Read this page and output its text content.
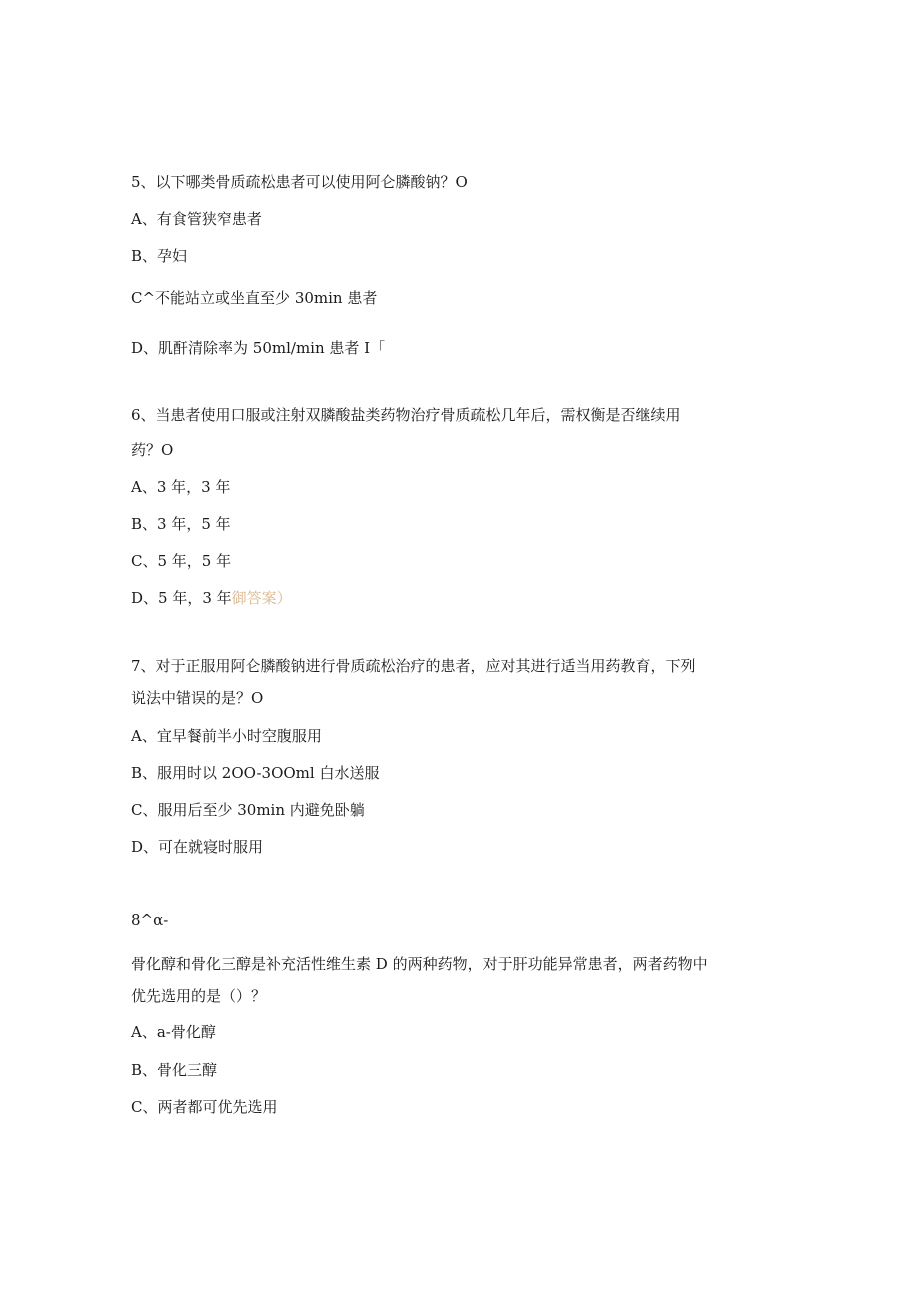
5、以下哪类骨质疏松患者可以使用阿仑膦酸钠？O
A、有食管狭窄患者
B、孕妇
C^不能站立或坐直至少 30min 患者
D、肌酐清除率为 50ml∕min 患者 I「
6、当患者使用口服或注射双膦酸盐类药物治疗骨质疏松几年后，需权衡是否继续用
药？O
A、3 年，3 年
B、3 年，5 年
C、5 年，5 年
D、5 年，3 年御答案）
7、对于正服用阿仑膦酸钠进行骨质疏松治疗的患者，应对其进行适当用药教育，下列
说法中错误的是？O
A、宜早餐前半小时空腹服用
B、服用时以 2OO-3OOml 白水送服
C、服用后至少 30min 内避免卧躺
D、可在就寝时服用
8^α-
骨化醇和骨化三醇是补充活性维生素 D 的两种药物，对于肝功能异常患者，两者药物中
优先选用的是（）？
A、a-骨化醇
B、骨化三醇
C、两者都可优先选用
